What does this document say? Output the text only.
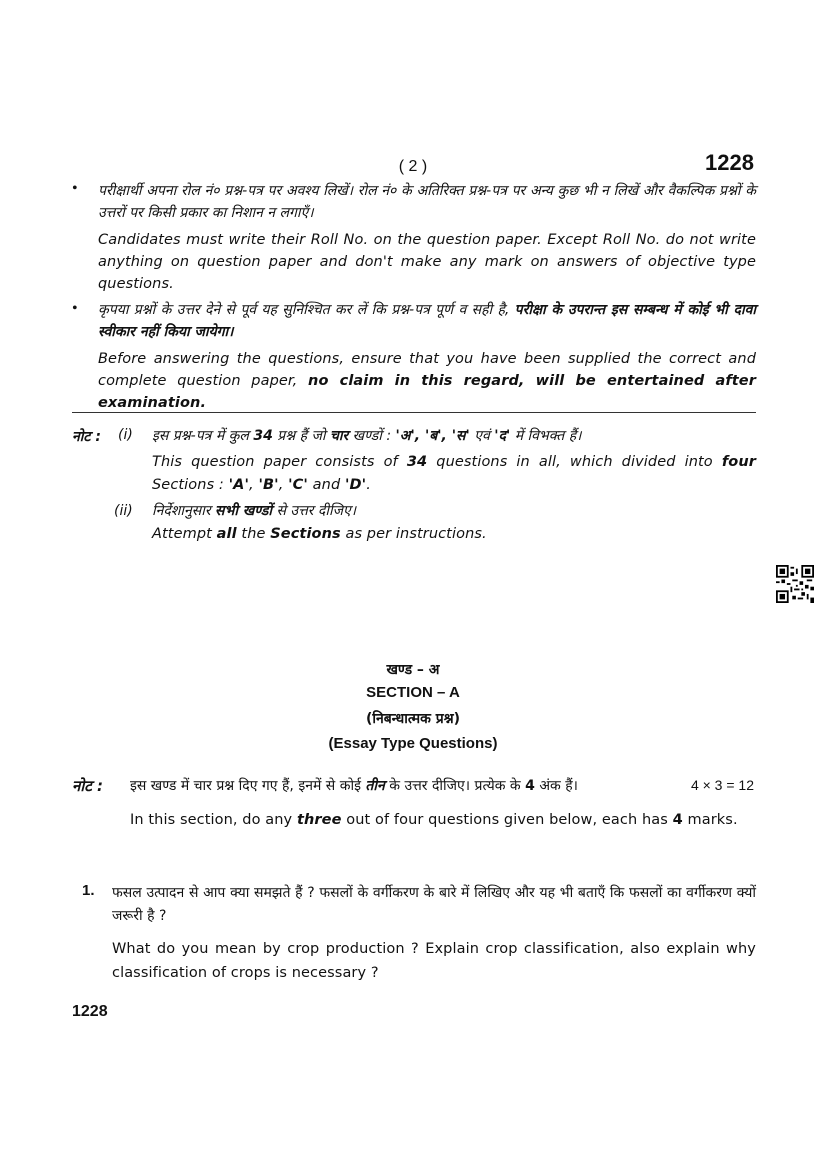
( 2 )	1228
• परीक्षार्थी अपना रोल नं० प्रश्न-पत्र पर अवश्य लिखें। रोल नं० के अतिरिक्त प्रश्न-पत्र पर अन्य कुछ भी न लिखें और वैकल्पिक प्रश्नों के उत्तरों पर किसी प्रकार का निशान न लगाएँ।
Candidates must write their Roll No. on the question paper. Except Roll No. do not write anything on question paper and don't make any mark on answers of objective type questions.
• कृपया प्रश्नों के उत्तर देने से पूर्व यह सुनिश्चित कर लें कि प्रश्न-पत्र पूर्ण व सही है, परीक्षा के उपरान्त इस सम्बन्ध में कोई भी दावा स्वीकार नहीं किया जायेगा।
Before answering the questions, ensure that you have been supplied the correct and complete question paper, no claim in this regard, will be entertained after examination.
नोट : (i) इस प्रश्न-पत्र में कुल 34 प्रश्न हैं जो चार खण्डों : 'अ', 'ब', 'स' एवं 'द' में विभक्त हैं।
This question paper consists of 34 questions in all, which divided into four Sections : 'A', 'B', 'C' and 'D'.
(ii) निर्देशानुसार सभी खण्डों से उत्तर दीजिए।
Attempt all the Sections as per instructions.
खण्ड – अ
SECTION – A
(निबन्धात्मक प्रश्न)
(Essay Type Questions)
नोट : इस खण्ड में चार प्रश्न दिए गए हैं, इनमें से कोई तीन के उत्तर दीजिए। प्रत्येक के 4 अंक हैं।	4 × 3 = 12
In this section, do any three out of four questions given below, each has 4 marks.
1. फसल उत्पादन से आप क्या समझते हैं ? फसलों के वर्गीकरण के बारे में लिखिए और यह भी बताएँ कि फसलों का वर्गीकरण क्यों जरूरी है ?
What do you mean by crop production ? Explain crop classification, also explain why classification of crops is necessary ?
1228
